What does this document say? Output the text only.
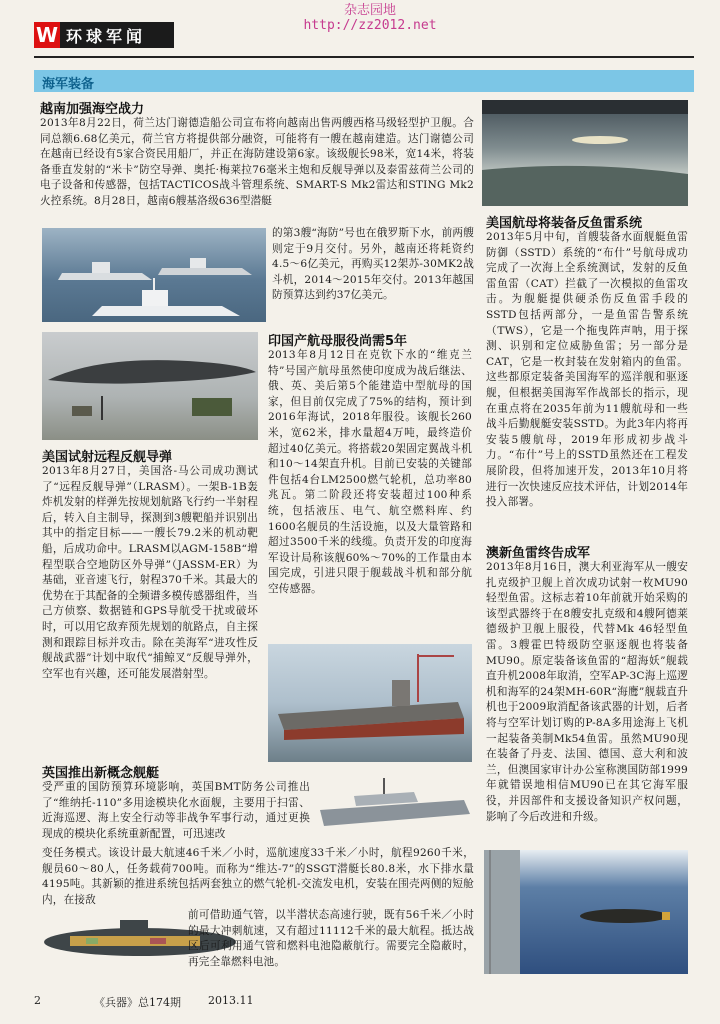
W 环球军闻
杂志园地
http://zz2012.net
海军装备
越南加强海空战力
2013年8月22日，荷兰达门谢德造船公司宣布将向越南出售两艘西格马级轻型护卫舰。合同总额6.68亿美元，荷兰官方将提供部分融资，可能将有一艘在越南建造。达门谢德公司在越南已经设有5家合资民用船厂，并正在海防建设第6家。该级舰长98米，宽14米，将装备垂直发射的“米卡”防空导弹、奥托·梅莱拉76毫米主炮和反舰导弹以及泰雷兹荷兰公司的电子设备和传感器，包括TACTICOS战斗管理系统、SMART-S Mk2雷达和STING Mk2火控系统。8月28日，越南6艘基洛级636型潜艇
的第3艘“海防”号也在俄罗斯下水，前两艘则定于9月交付。另外，越南还将耗资约4.5～6亿美元，再购买12架苏-30MK2战斗机，2014～2015年交付。2013年越国防预算达到约37亿美元。
美国航母将装备反鱼雷系统
2013年5月中旬，首艘装备水面舰艇鱼雷防御（SSTD）系统的“布什”号航母成功完成了一次海上全系统测试，发射的反鱼雷鱼雷（CAT）拦截了一次模拟的鱼雷攻击。为舰艇提供硬杀伤反鱼雷手段的SSTD包括两部分，一是鱼雷告警系统（TWS），它是一个拖曳阵声呐，用于探测、识别和定位威胁鱼雷；另一部分是CAT，它是一枚封装在发射箱内的鱼雷。这些都原定装备美国海军的巡洋舰和驱逐舰，但根据美国海军作战部长的指示，现在重点将在2035年前为11艘航母和一些战斗后勤舰艇安装SSTD。为此3年内将再安装5艘航母，2019年形成初步战斗力。“布什”号上的SSTD虽然还在工程发展阶段，但将加速开发，2013年10月将进行一次快速反应技术评估，计划2014年投入部署。
印国产航母服役尚需5年
2013年8月12日在克钦下水的“维克兰特”号国产航母虽然使印度成为战后继法、俄、英、美后第5个能建造中型航母的国家，但目前仅完成了75%的结构，预计到2016年海试，2018年服役。该舰长260米，宽62米，排水量超4万吨，最终造价超过40亿美元。将搭载20架固定翼战斗机和10～14架直升机。目前已安装的关键部件包括4台LM2500燃气轮机，总功率80兆瓦。第二阶段还将安装超过100种系统，包括液压、电气、航空燃料库、约1600名舰员的生活设施，以及大量管路和超过3500千米的线缆。负责开发的印度海军设计局称该舰60%～70%的工作量由本国完成，引进只限于舰载战斗机和部分航空传感器。
美国试射远程反舰导弹
2013年8月27日，美国洛-马公司成功测试了“远程反舰导弹”（LRASM）。一架B-1B轰炸机发射的样弹先按规划航路飞行约一半射程后，转入自主制导，探测到3艘靶船并识别出其中的指定目标——一艘长79.2米的机动靶船，后成功命中。LRASM以AGM-158B“增程型联合空地防区外导弹”（JASSM-ER）为基础，亚音速飞行，射程370千米。其最大的优势在于其配备的全频谱多模传感器组件，当己方侦察、数据链和GPS导航受干扰或破坏时，可以用它敌弃预先规划的航路点，自主探测和跟踪目标并攻击。除在美海军“进攻性反舰战武器”计划中取代“捕鲸叉”反舰导弹外，空军也有兴趣，还可能发展潜射型。
澳新鱼雷终告成军
2013年8月16日，澳大利亚海军从一艘安扎克级护卫舰上首次成功试射一枚MU90轻型鱼雷。这标志着10年前就开始采购的该型武器终于在8艘安扎克级和4艘阿德莱德级护卫舰上服役，代替Mk 46轻型鱼雷。3艘霍巴特级防空驱逐舰也将装备MU90。原定装备该鱼雷的“超海妖”舰载直升机2008年取消，空军AP-3C海上巡逻机和海军的24架MH-60R“海鹰”舰载直升机也于2009取消配备该武器的计划，后者将与空军计划订购的P-8A多用途海上飞机一起装备美制Mk54鱼雷。虽然MU90现在装备了丹麦、法国、德国、意大利和波兰，但澳国家审计办公室称澳国防部1999年就错误地相信MU90已在其它海军服役，并因部件和支援设备知识产权问题，影响了今后改进和升级。
英国推出新概念舰艇
受严重的国防预算环境影响，英国BMT防务公司推出了“维纳托-110”多用途模块化水面舰，主要用于扫雷、近海巡逻、海上安全行动等非战争军事行动，通过更换现成的模块化系统重新配置，可迅速改
变任务模式。该设计最大航速46千米／小时，巡航速度33千米／小时，航程9260千米，舰员60～80人，任务载荷700吨。而称为“维达-7”的SSGT潜艇长80.8米，水下排水量4195吨。其新颖的推进系统包括两套独立的燃气轮机-交流发电机，安装在围壳两侧的短舱内，在接敌
前可借助通气管，以半潜状态高速行驶，既有56千米／小时的最大冲刺航速，又有超过11112千米的最大航程。抵达战区后可利用通气管和燃料电池隐蔽航行。需要完全隐蔽时，再完全靠燃料电池。
2	《兵器》总174期 2013.11
